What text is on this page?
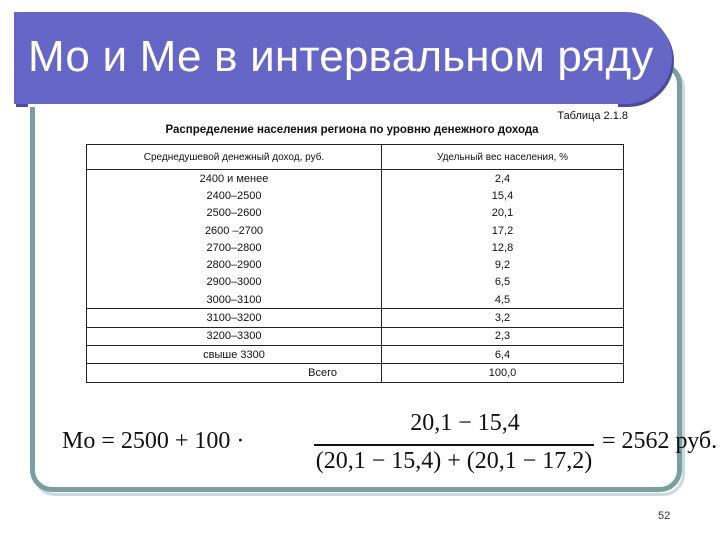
Мо и Ме в интервальном ряду
Таблица 2.1.8
Распределение населения региона по уровню денежного дохода
Среднедушевой денежный доход, руб.	Удельный вес населения, %
2400 и менее	2,4
2400–2500	15,4
2500–2600	20,1
2600 –2700	17,2
2700–2800	12,8
2800–2900	9,2
2900–3000	6,5
3000–3100	4,5
3100–3200	3,2
3200–3300	2,3
свыше 3300	6,4
Всего	100,0
Mo = 2500 + 100 ·
20,1 − 15,4
(20,1 − 15,4) + (20,1 − 17,2)
= 2562 руб.
52
